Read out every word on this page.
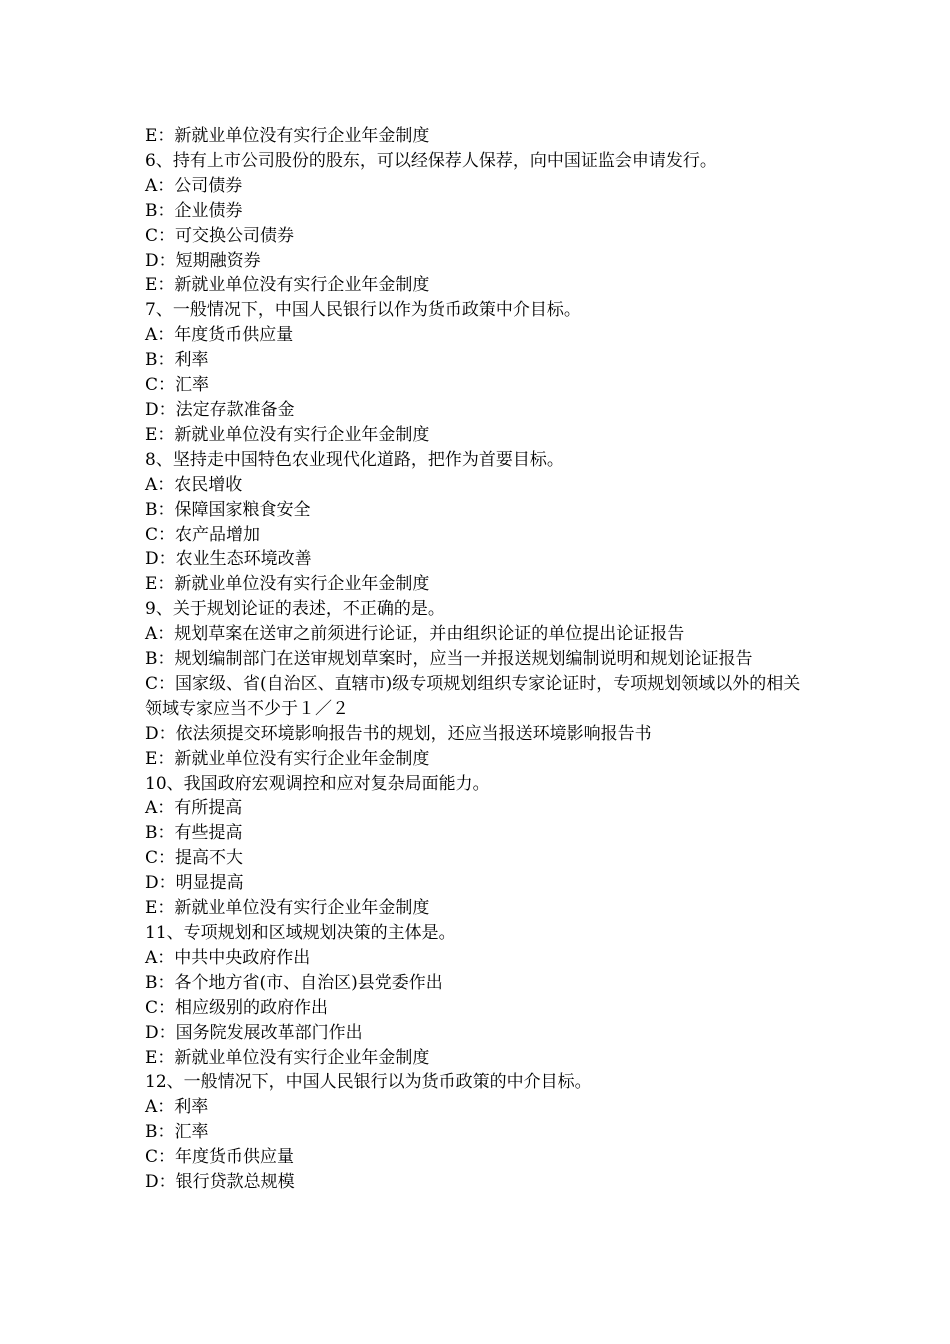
E：新就业单位没有实行企业年金制度

6、持有上市公司股份的股东，可以经保荐人保荐，向中国证监会申请发行。

A：公司债券

B：企业债券

C：可交换公司债券

D：短期融资券

E：新就业单位没有实行企业年金制度

7、一般情况下，中国人民银行以作为货币政策中介目标。

A：年度货币供应量

B：利率

C：汇率

D：法定存款准备金

E：新就业单位没有实行企业年金制度

8、坚持走中国特色农业现代化道路，把作为首要目标。

A：农民增收

B：保障国家粮食安全

C：农产品增加

D：农业生态环境改善

E：新就业单位没有实行企业年金制度

9、关于规划论证的表述，不正确的是。

A：规划草案在送审之前须进行论证，并由组织论证的单位提出论证报告

B：规划编制部门在送审规划草案时，应当一并报送规划编制说明和规划论证报告

C：国家级、省(自治区、直辖市)级专项规划组织专家论证时，专项规划领域以外的相关领域专家应当不少于１／２

D：依法须提交环境影响报告书的规划，还应当报送环境影响报告书

E：新就业单位没有实行企业年金制度

10、我国政府宏观调控和应对复杂局面能力。

A：有所提高

B：有些提高

C：提高不大

D：明显提高

E：新就业单位没有实行企业年金制度

11、专项规划和区域规划决策的主体是。

A：中共中央政府作出

B：各个地方省(市、自治区)县党委作出

C：相应级别的政府作出

D：国务院发展改革部门作出

E：新就业单位没有实行企业年金制度

12、一般情况下，中国人民银行以为货币政策的中介目标。

A：利率

B：汇率

C：年度货币供应量

D：银行贷款总规模
